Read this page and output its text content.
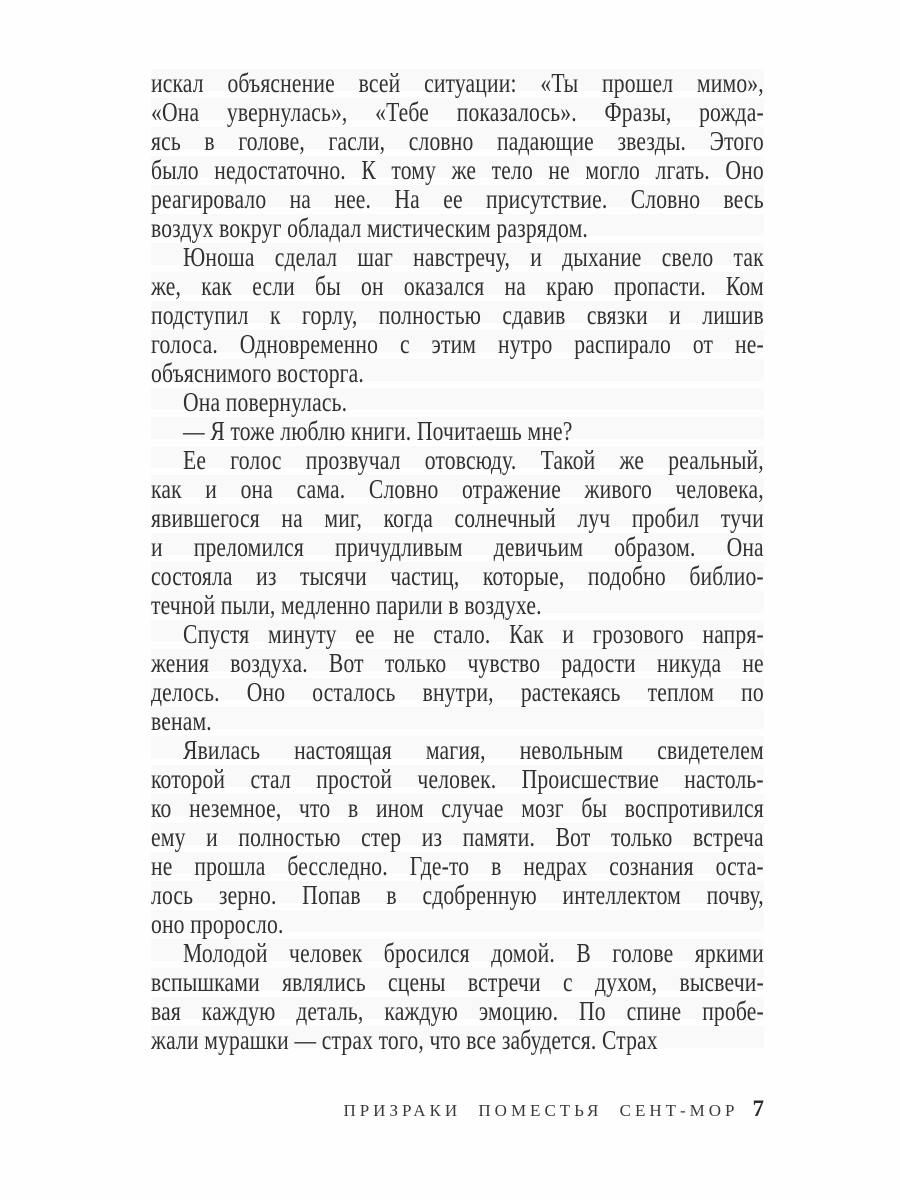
искал объяснение всей ситуации: «Ты прошел мимо»,
«Она увернулась», «Тебе показалось». Фразы, рожда-
ясь в голове, гасли, словно падающие звезды. Этого
было недостаточно. К тому же тело не могло лгать. Оно
реагировало на нее. На ее присутствие. Словно весь
воздух вокруг обладал мистическим разрядом.
Юноша сделал шаг навстречу, и дыхание свело так
же, как если бы он оказался на краю пропасти. Ком
подступил к горлу, полностью сдавив связки и лишив
голоса. Одновременно с этим нутро распирало от не-
объяснимого восторга.
Она повернулась.
— Я тоже люблю книги. Почитаешь мне?
Ее голос прозвучал отовсюду. Такой же реальный,
как и она сама. Словно отражение живого человека,
явившегося на миг, когда солнечный луч пробил тучи
и преломился причудливым девичьим образом. Она
состояла из тысячи частиц, которые, подобно библио-
течной пыли, медленно парили в воздухе.
Спустя минуту ее не стало. Как и грозового напря-
жения воздуха. Вот только чувство радости никуда не
делось. Оно осталось внутри, растекаясь теплом по
венам.
Явилась настоящая магия, невольным свидетелем
которой стал простой человек. Происшествие настоль-
ко неземное, что в ином случае мозг бы воспротивился
ему и полностью стер из памяти. Вот только встреча
не прошла бесследно. Где-то в недрах сознания оста-
лось зерно. Попав в сдобренную интеллектом почву,
оно проросло.
Молодой человек бросился домой. В голове яркими
вспышками являлись сцены встречи с духом, высвечи-
вая каждую деталь, каждую эмоцию. По спине пробе-
жали мурашки — страх того, что все забудется. Страх
ПРИЗРАКИ ПОМЕСТЬЯ СЕНТ-МОР 7
